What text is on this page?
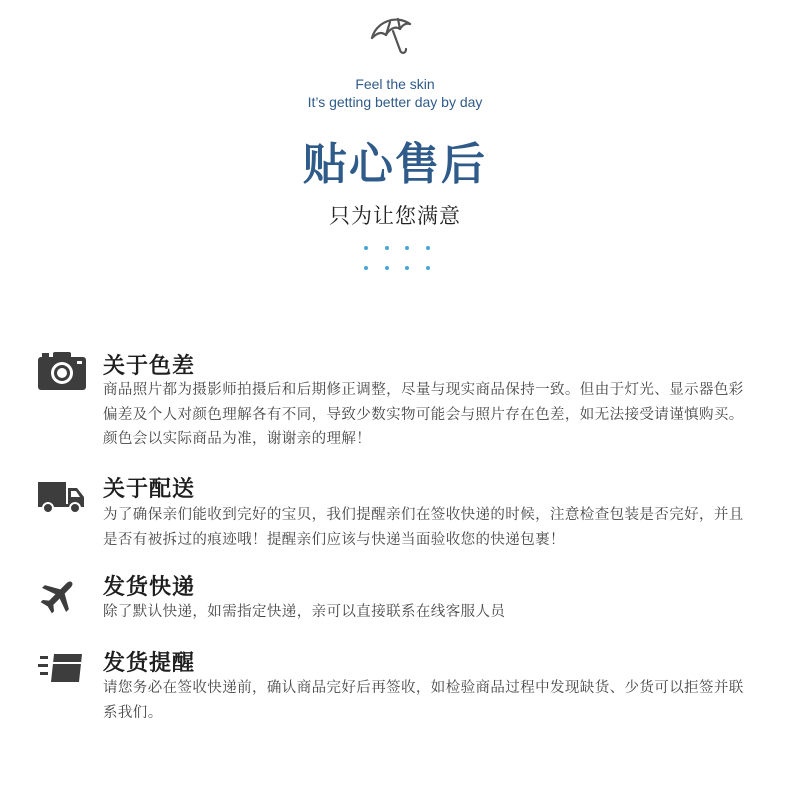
Feel the skin
It’s getting better day by day
贴心售后
只为让您满意
关于色差
商品照片都为摄影师拍摄后和后期修正调整，尽量与现实商品保持一致。但由于灯光、显示器色彩偏差及个人对颜色理解各有不同，导致少数实物可能会与照片存在色差，如无法接受请谨慎购买。颜色会以实际商品为准，谢谢亲的理解！
关于配送
为了确保亲们能收到完好的宝贝，我们提醒亲们在签收快递的时候，注意检查包装是否完好，并且是否有被拆过的痕迹哦！提醒亲们应该与快递当面验收您的快递包裹！
发货快递
除了默认快递，如需指定快递，亲可以直接联系在线客服人员
发货提醒
请您务必在签收快递前，确认商品完好后再签收，如检验商品过程中发现缺货、少货可以拒签并联系我们。
